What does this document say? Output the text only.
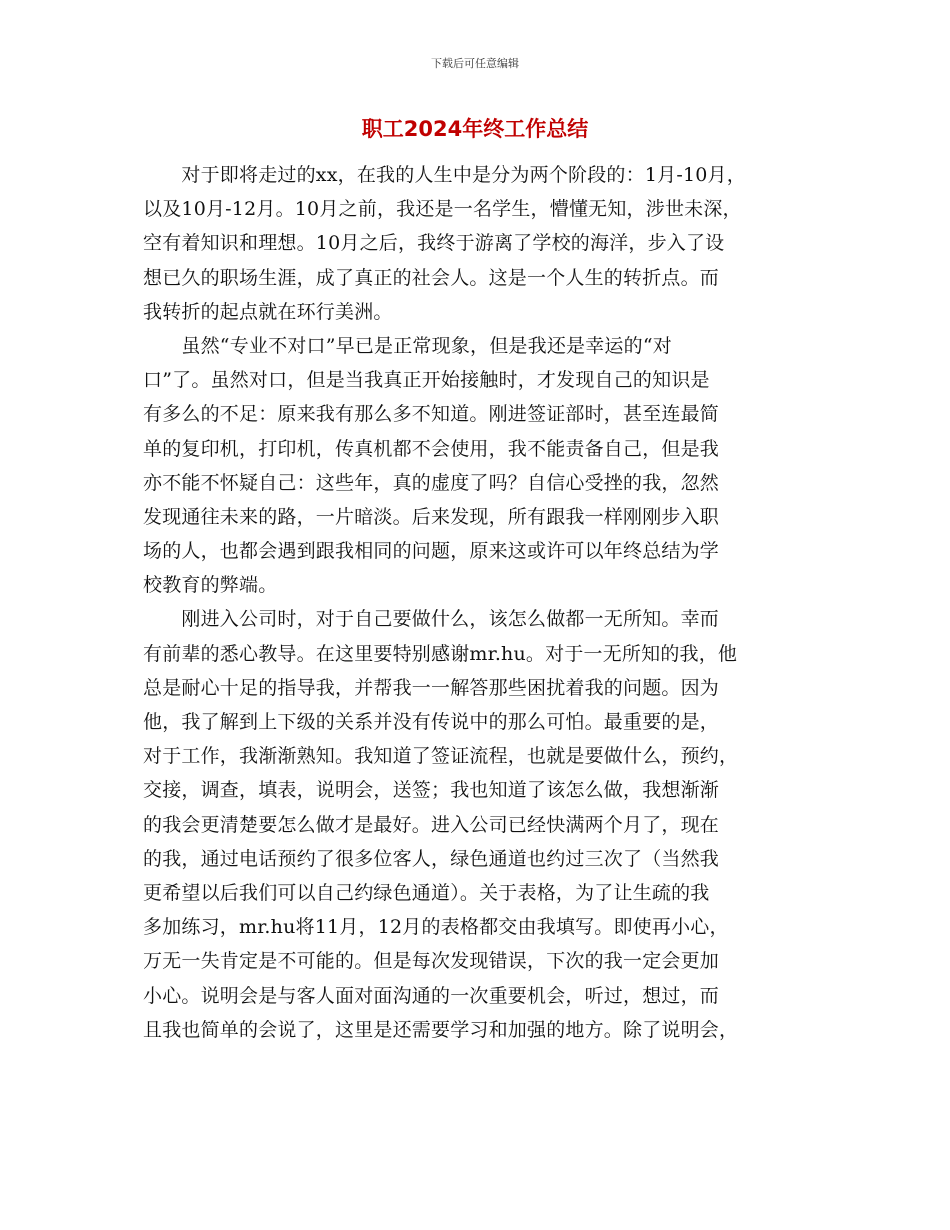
下载后可任意编辑
职工2024年终工作总结
　　对于即将走过的xx，在我的人生中是分为两个阶段的：1月-10月，
以及10月-12月。10月之前，我还是一名学生，懵懂无知，涉世未深，
空有着知识和理想。10月之后，我终于游离了学校的海洋，步入了设
想已久的职场生涯，成了真正的社会人。这是一个人生的转折点。而
我转折的起点就在环行美洲。
　　虽然“专业不对口”早已是正常现象，但是我还是幸运的“对
口”了。虽然对口，但是当我真正开始接触时，才发现自己的知识是
有多么的不足：原来我有那么多不知道。刚进签证部时，甚至连最简
单的复印机，打印机，传真机都不会使用，我不能责备自己，但是我
亦不能不怀疑自己：这些年，真的虚度了吗？自信心受挫的我，忽然
发现通往未来的路，一片暗淡。后来发现，所有跟我一样刚刚步入职
场的人，也都会遇到跟我相同的问题，原来这或许可以年终总结为学
校教育的弊端。
　　刚进入公司时，对于自己要做什么，该怎么做都一无所知。幸而
有前辈的悉心教导。在这里要特别感谢mr.hu。对于一无所知的我，他
总是耐心十足的指导我，并帮我一一解答那些困扰着我的问题。因为
他，我了解到上下级的关系并没有传说中的那么可怕。最重要的是，
对于工作，我渐渐熟知。我知道了签证流程，也就是要做什么，预约，
交接，调查，填表，说明会，送签；我也知道了该怎么做，我想渐渐
的我会更清楚要怎么做才是最好。进入公司已经快满两个月了，现在
的我，通过电话预约了很多位客人，绿色通道也约过三次了（当然我
更希望以后我们可以自己约绿色通道）。关于表格，为了让生疏的我
多加练习，mr.hu将11月，12月的表格都交由我填写。即使再小心，
万无一失肯定是不可能的。但是每次发现错误，下次的我一定会更加
小心。说明会是与客人面对面沟通的一次重要机会，听过，想过，而
且我也简单的会说了，这里是还需要学习和加强的地方。除了说明会，
